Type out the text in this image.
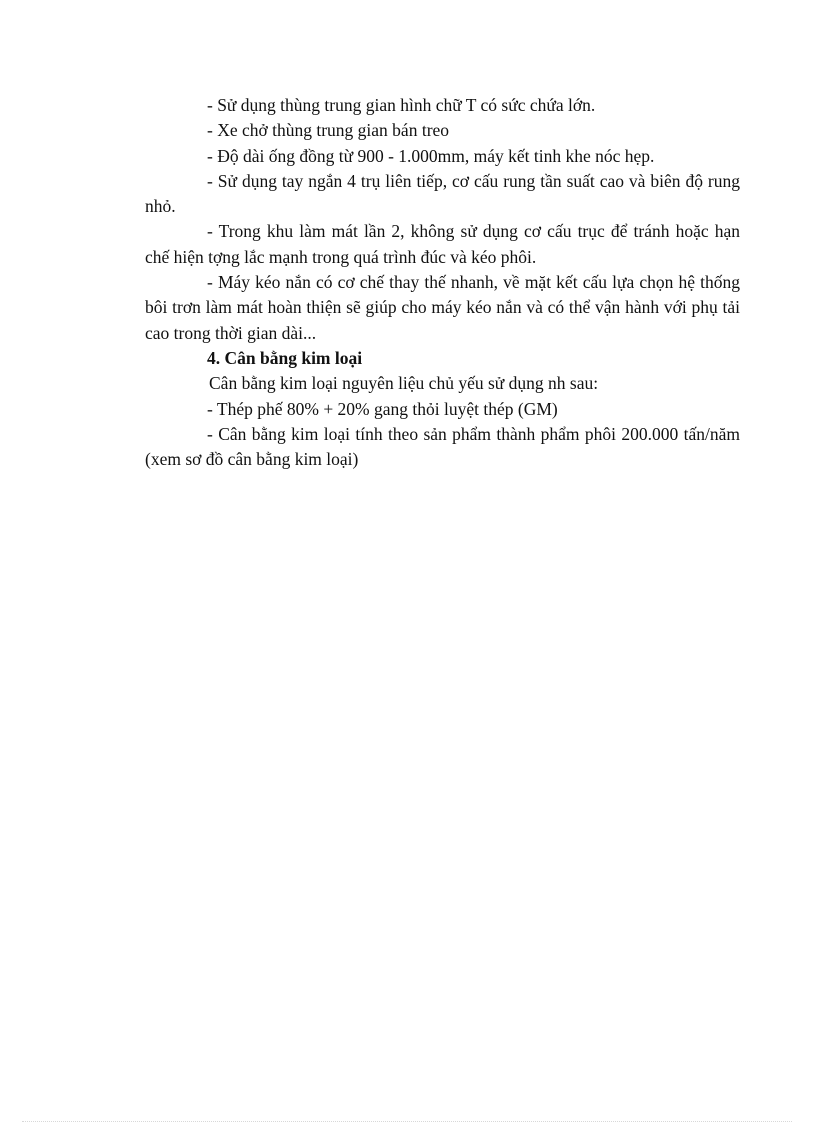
- Sử dụng thùng trung gian hình chữ T có sức chứa lớn.

- Xe chở thùng trung gian bán treo

- Độ dài ống đồng từ 900 - 1.000mm, máy kết tinh khe nóc hẹp.

- Sử dụng tay ngắn 4 trụ liên tiếp, cơ cấu rung tần suất cao và biên độ rung nhỏ.

- Trong khu làm mát lần 2, không sử dụng cơ cấu trục để tránh hoặc hạn chế hiện tợng lắc mạnh trong quá trình đúc và kéo phôi.

- Máy kéo nắn có cơ chế thay thế nhanh, về mặt kết cấu lựa chọn hệ thống bôi trơn làm mát hoàn thiện sẽ giúp cho máy kéo nắn và có thể vận hành với phụ tải cao trong thời gian dài...

4. Cân bằng kim loại

Cân bằng kim loại nguyên liệu chủ yếu sử dụng nh sau:

- Thép phế 80% + 20% gang thỏi luyệt thép (GM)

- Cân bằng kim loại tính theo sản phẩm thành phẩm phôi 200.000 tấn/năm (xem sơ đồ cân bằng kim loại)
